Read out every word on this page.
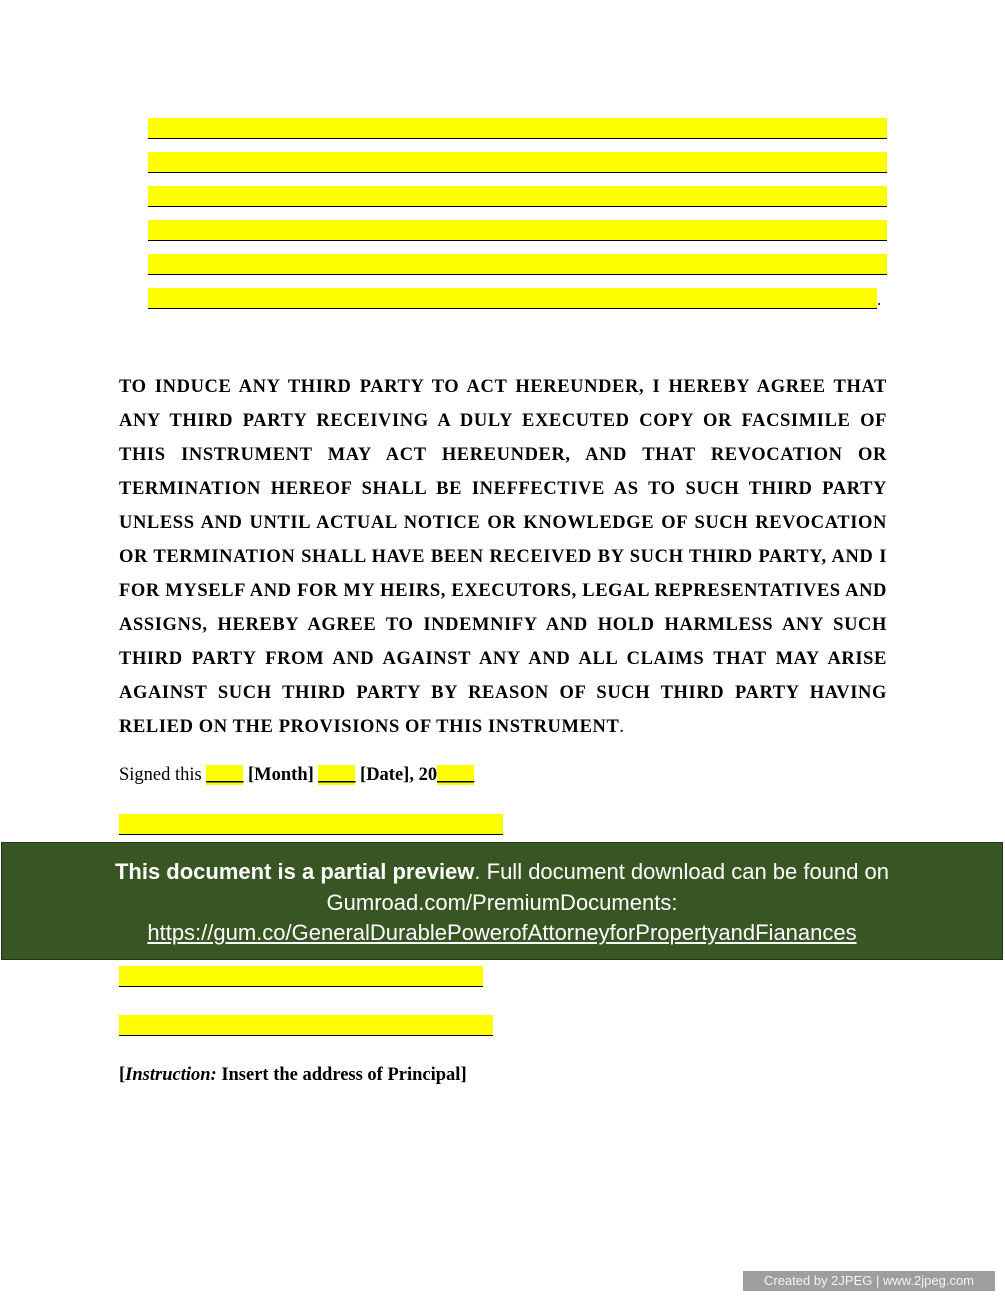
.
TO INDUCE ANY THIRD PARTY TO ACT HEREUNDER, I HEREBY AGREE THAT ANY THIRD PARTY RECEIVING A DULY EXECUTED COPY OR FACSIMILE OF THIS INSTRUMENT MAY ACT HEREUNDER, AND THAT REVOCATION OR TERMINATION HEREOF SHALL BE INEFFECTIVE AS TO SUCH THIRD PARTY UNLESS AND UNTIL ACTUAL NOTICE OR KNOWLEDGE OF SUCH REVOCATION OR TERMINATION SHALL HAVE BEEN RECEIVED BY SUCH THIRD PARTY, AND I FOR MYSELF AND FOR MY HEIRS, EXECUTORS, LEGAL REPRESENTATIVES AND ASSIGNS, HEREBY AGREE TO INDEMNIFY AND HOLD HARMLESS ANY SUCH THIRD PARTY FROM AND AGAINST ANY AND ALL CLAIMS THAT MAY ARISE AGAINST SUCH THIRD PARTY BY REASON OF SUCH THIRD PARTY HAVING RELIED ON THE PROVISIONS OF THIS INSTRUMENT.
Signed this ____ [Month] ____ [Date], 20____
This document is a partial preview. Full document download can be found on
Gumroad.com/PremiumDocuments:
https://gum.co/GeneralDurablePowerofAttorneyforPropertyandFianances
[Instruction: Insert the address of Principal]
Created by 2JPEG | www.2jpeg.com
